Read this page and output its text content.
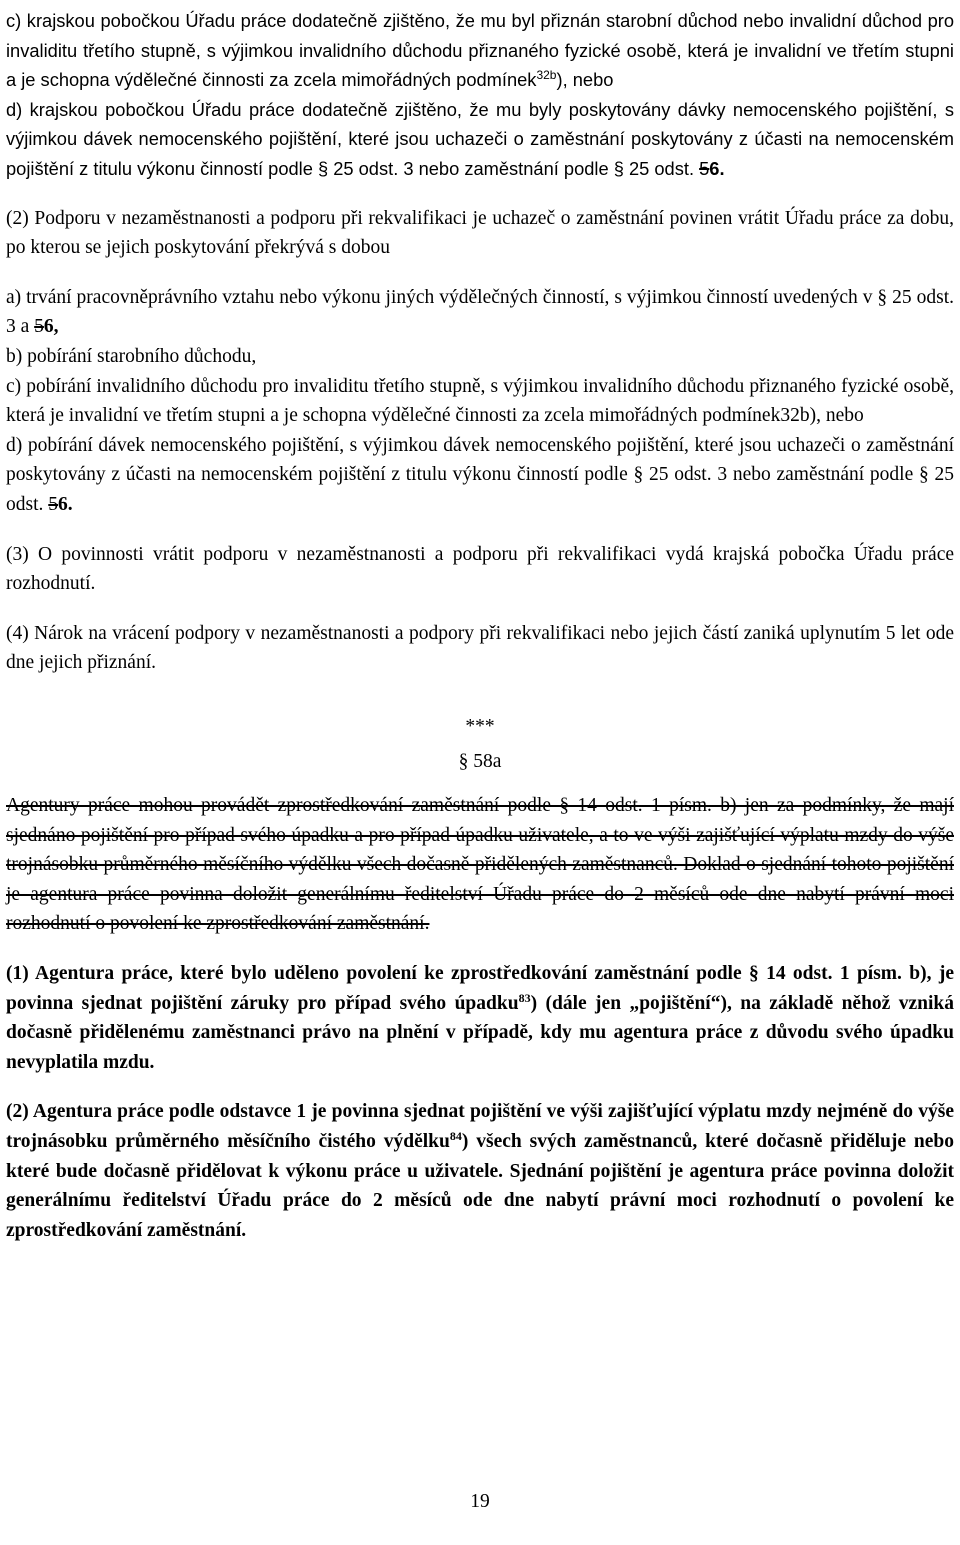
c) krajskou pobočkou Úřadu práce dodatečně zjištěno, že mu byl přiznán starobní důchod nebo invalidní důchod pro invaliditu třetího stupně, s výjimkou invalidního důchodu přiznaného fyzické osobě, která je invalidní ve třetím stupni a je schopna výdělečné činnosti za zcela mimořádných podmínek$^{32b}$), nebo

d) krajskou pobočkou Úřadu práce dodatečně zjištěno, že mu byly poskytovány dávky nemocenského pojištění, s výjimkou dávek nemocenského pojištění, které jsou uchazeči o zaměstnání poskytovány z účasti na nemocenském pojištění z titulu výkonu činností podle § 25 odst. 3 nebo zaměstnání podle § 25 odst. 56.

(2) Podporu v nezaměstnanosti a podporu při rekvalifikaci je uchazeč o zaměstnání povinen vrátit Úřadu práce za dobu, po kterou se jejich poskytování překrývá s dobou

a) trvání pracovněprávního vztahu nebo výkonu jiných výdělečných činností, s výjimkou činností uvedených v § 25 odst. 3 a 56,

b) pobírání starobního důchodu,

c) pobírání invalidního důchodu pro invaliditu třetího stupně, s výjimkou invalidního důchodu přiznaného fyzické osobě, která je invalidní ve třetím stupni a je schopna výdělečné činnosti za zcela mimořádných podmínek32b), nebo

d) pobírání dávek nemocenského pojištění, s výjimkou dávek nemocenského pojištění, které jsou uchazeči o zaměstnání poskytovány z účasti na nemocenském pojištění z titulu výkonu činností podle § 25 odst. 3 nebo zaměstnání podle § 25 odst. 56.

(3) O povinnosti vrátit podporu v nezaměstnanosti a podporu při rekvalifikaci vydá krajská pobočka Úřadu práce rozhodnutí.

(4) Nárok na vrácení podpory v nezaměstnanosti a podpory při rekvalifikaci nebo jejich částí zaniká uplynutím 5 let ode dne jejich přiznání.

***

§ 58a

Agentury práce mohou provádět zprostředkování zaměstnání podle § 14 odst. 1 písm. b) jen za podmínky, že mají sjednáno pojištění pro případ svého úpadku a pro případ úpadku uživatele, a to ve výši zajišťující výplatu mzdy do výše trojnásobku průměrného měsíčního výdělku všech dočasně přidělených zaměstnanců. Doklad o sjednání tohoto pojištění je agentura práce povinna doložit generálnímu ředitelství Úřadu práce do 2 měsíců ode dne nabytí právní moci rozhodnutí o povolení ke zprostředkování zaměstnání.

(1) Agentura práce, které bylo uděleno povolení ke zprostředkování zaměstnání podle § 14 odst. 1 písm. b), je povinna sjednat pojištění záruky pro případ svého úpadku$^{83}$) (dále jen „pojištění“), na základě něhož vzniká dočasně přidělenému zaměstnanci právo na plnění v případě, kdy mu agentura práce z důvodu svého úpadku nevyplatila mzdu.

(2) Agentura práce podle odstavce 1 je povinna sjednat pojištění ve výši zajišťující výplatu mzdy nejméně do výše trojnásobku průměrného měsíčního čistého výdělku$^{84}$) všech svých zaměstnanců, které dočasně přiděluje nebo které bude dočasně přidělovat k výkonu práce u uživatele. Sjednání pojištění je agentura práce povinna doložit generálnímu ředitelství Úřadu práce do 2 měsíců ode dne nabytí právní moci rozhodnutí o povolení ke zprostředkování zaměstnání.

19
